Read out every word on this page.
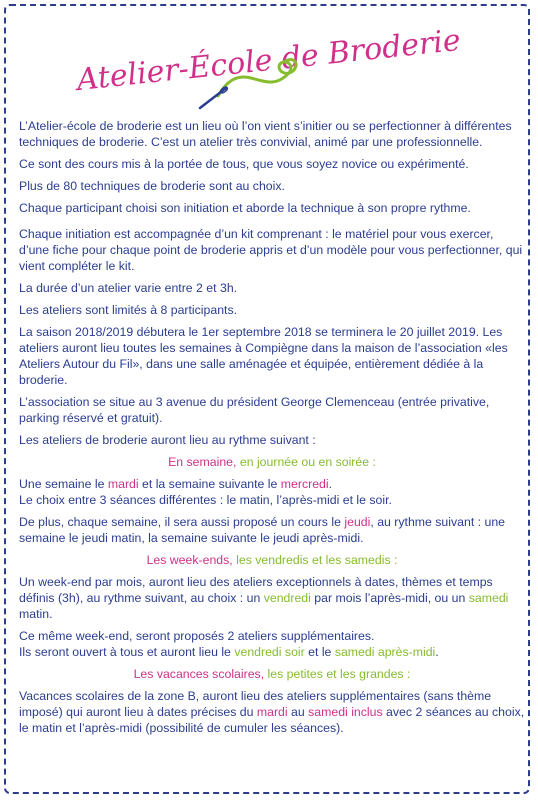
Atelier-École de Broderie

L’Atelier-école de broderie est un lieu où l’on vient s’initier ou se perfectionner à différentes techniques de broderie. C’est un atelier très convivial, animé par une professionnelle.

Ce sont des cours mis à la portée de tous, que vous soyez novice ou expérimenté.

Plus de 80 techniques de broderie sont au choix.

Chaque participant choisi son initiation et aborde la technique à son propre rythme.

Chaque initiation est accompagnée d’un kit comprenant : le matériel pour vous exercer, d’une fiche pour chaque point de broderie appris et d’un modèle pour vous perfectionner, qui vient compléter le kit.

La durée d’un atelier varie entre 2 et 3h.

Les ateliers sont limités à 8 participants.

La saison 2018/2019 débutera le 1er septembre 2018 se terminera le 20 juillet 2019. Les ateliers auront lieu toutes les semaines à Compiègne dans la maison de l’association «les Ateliers Autour du Fil», dans une salle aménagée et équipée, entièrement dédiée à la broderie.

L’association se situe au 3 avenue du président George Clemenceau (entrée privative, parking réservé et gratuit).

Les ateliers de broderie auront lieu au rythme suivant :

En semaine, en journée ou en soirée :

Une semaine le mardi et la semaine suivante le mercredi.

Le choix entre 3 séances différentes : le matin, l’après-midi et le soir.

De plus, chaque semaine, il sera aussi proposé un cours le jeudi, au rythme suivant : une semaine le jeudi matin, la semaine suivante le jeudi après-midi.

Les week-ends, les vendredis et les samedis :

Un week-end par mois, auront lieu des ateliers exceptionnels à dates, thèmes et temps définis (3h), au rythme suivant, au choix : un vendredi par mois l’après-midi, ou un samedi matin.

Ce même week-end, seront proposés 2 ateliers supplémentaires.

Ils seront ouvert à tous et auront lieu le vendredi soir et le samedi après-midi.

Les vacances scolaires, les petites et les grandes :

Vacances scolaires de la zone B, auront lieu des ateliers supplémentaires (sans thème imposé) qui auront lieu à dates précises du mardi au samedi inclus avec 2 séances au choix, le matin et l’après-midi (possibilité de cumuler les séances).
